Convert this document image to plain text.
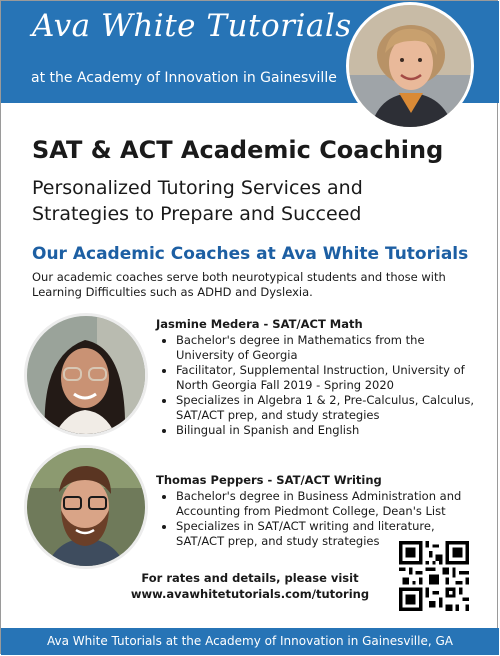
Ava White Tutorials
at the Academy of Innovation in Gainesville
SAT & ACT Academic Coaching
Personalized Tutoring Services and
Strategies to Prepare and Succeed
Our Academic Coaches at Ava White Tutorials
Our academic coaches serve both neurotypical students and those with Learning Difficulties such as ADHD and Dyslexia.
Jasmine Medera - SAT/ACT Math
• Bachelor's degree in Mathematics from the University of Georgia
• Facilitator, Supplemental Instruction, University of North Georgia Fall 2019 - Spring 2020
• Specializes in Algebra 1 & 2, Pre-Calculus, Calculus, SAT/ACT prep, and study strategies
• Bilingual in Spanish and English
Thomas Peppers - SAT/ACT Writing
• Bachelor's degree in Business Administration and Accounting from Piedmont College, Dean's List
• Specializes in SAT/ACT writing and literature, SAT/ACT prep, and study strategies
For rates and details, please visit
www.avawhitetutorials.com/tutoring
Ava White Tutorials at the Academy of Innovation in Gainesville, GA
